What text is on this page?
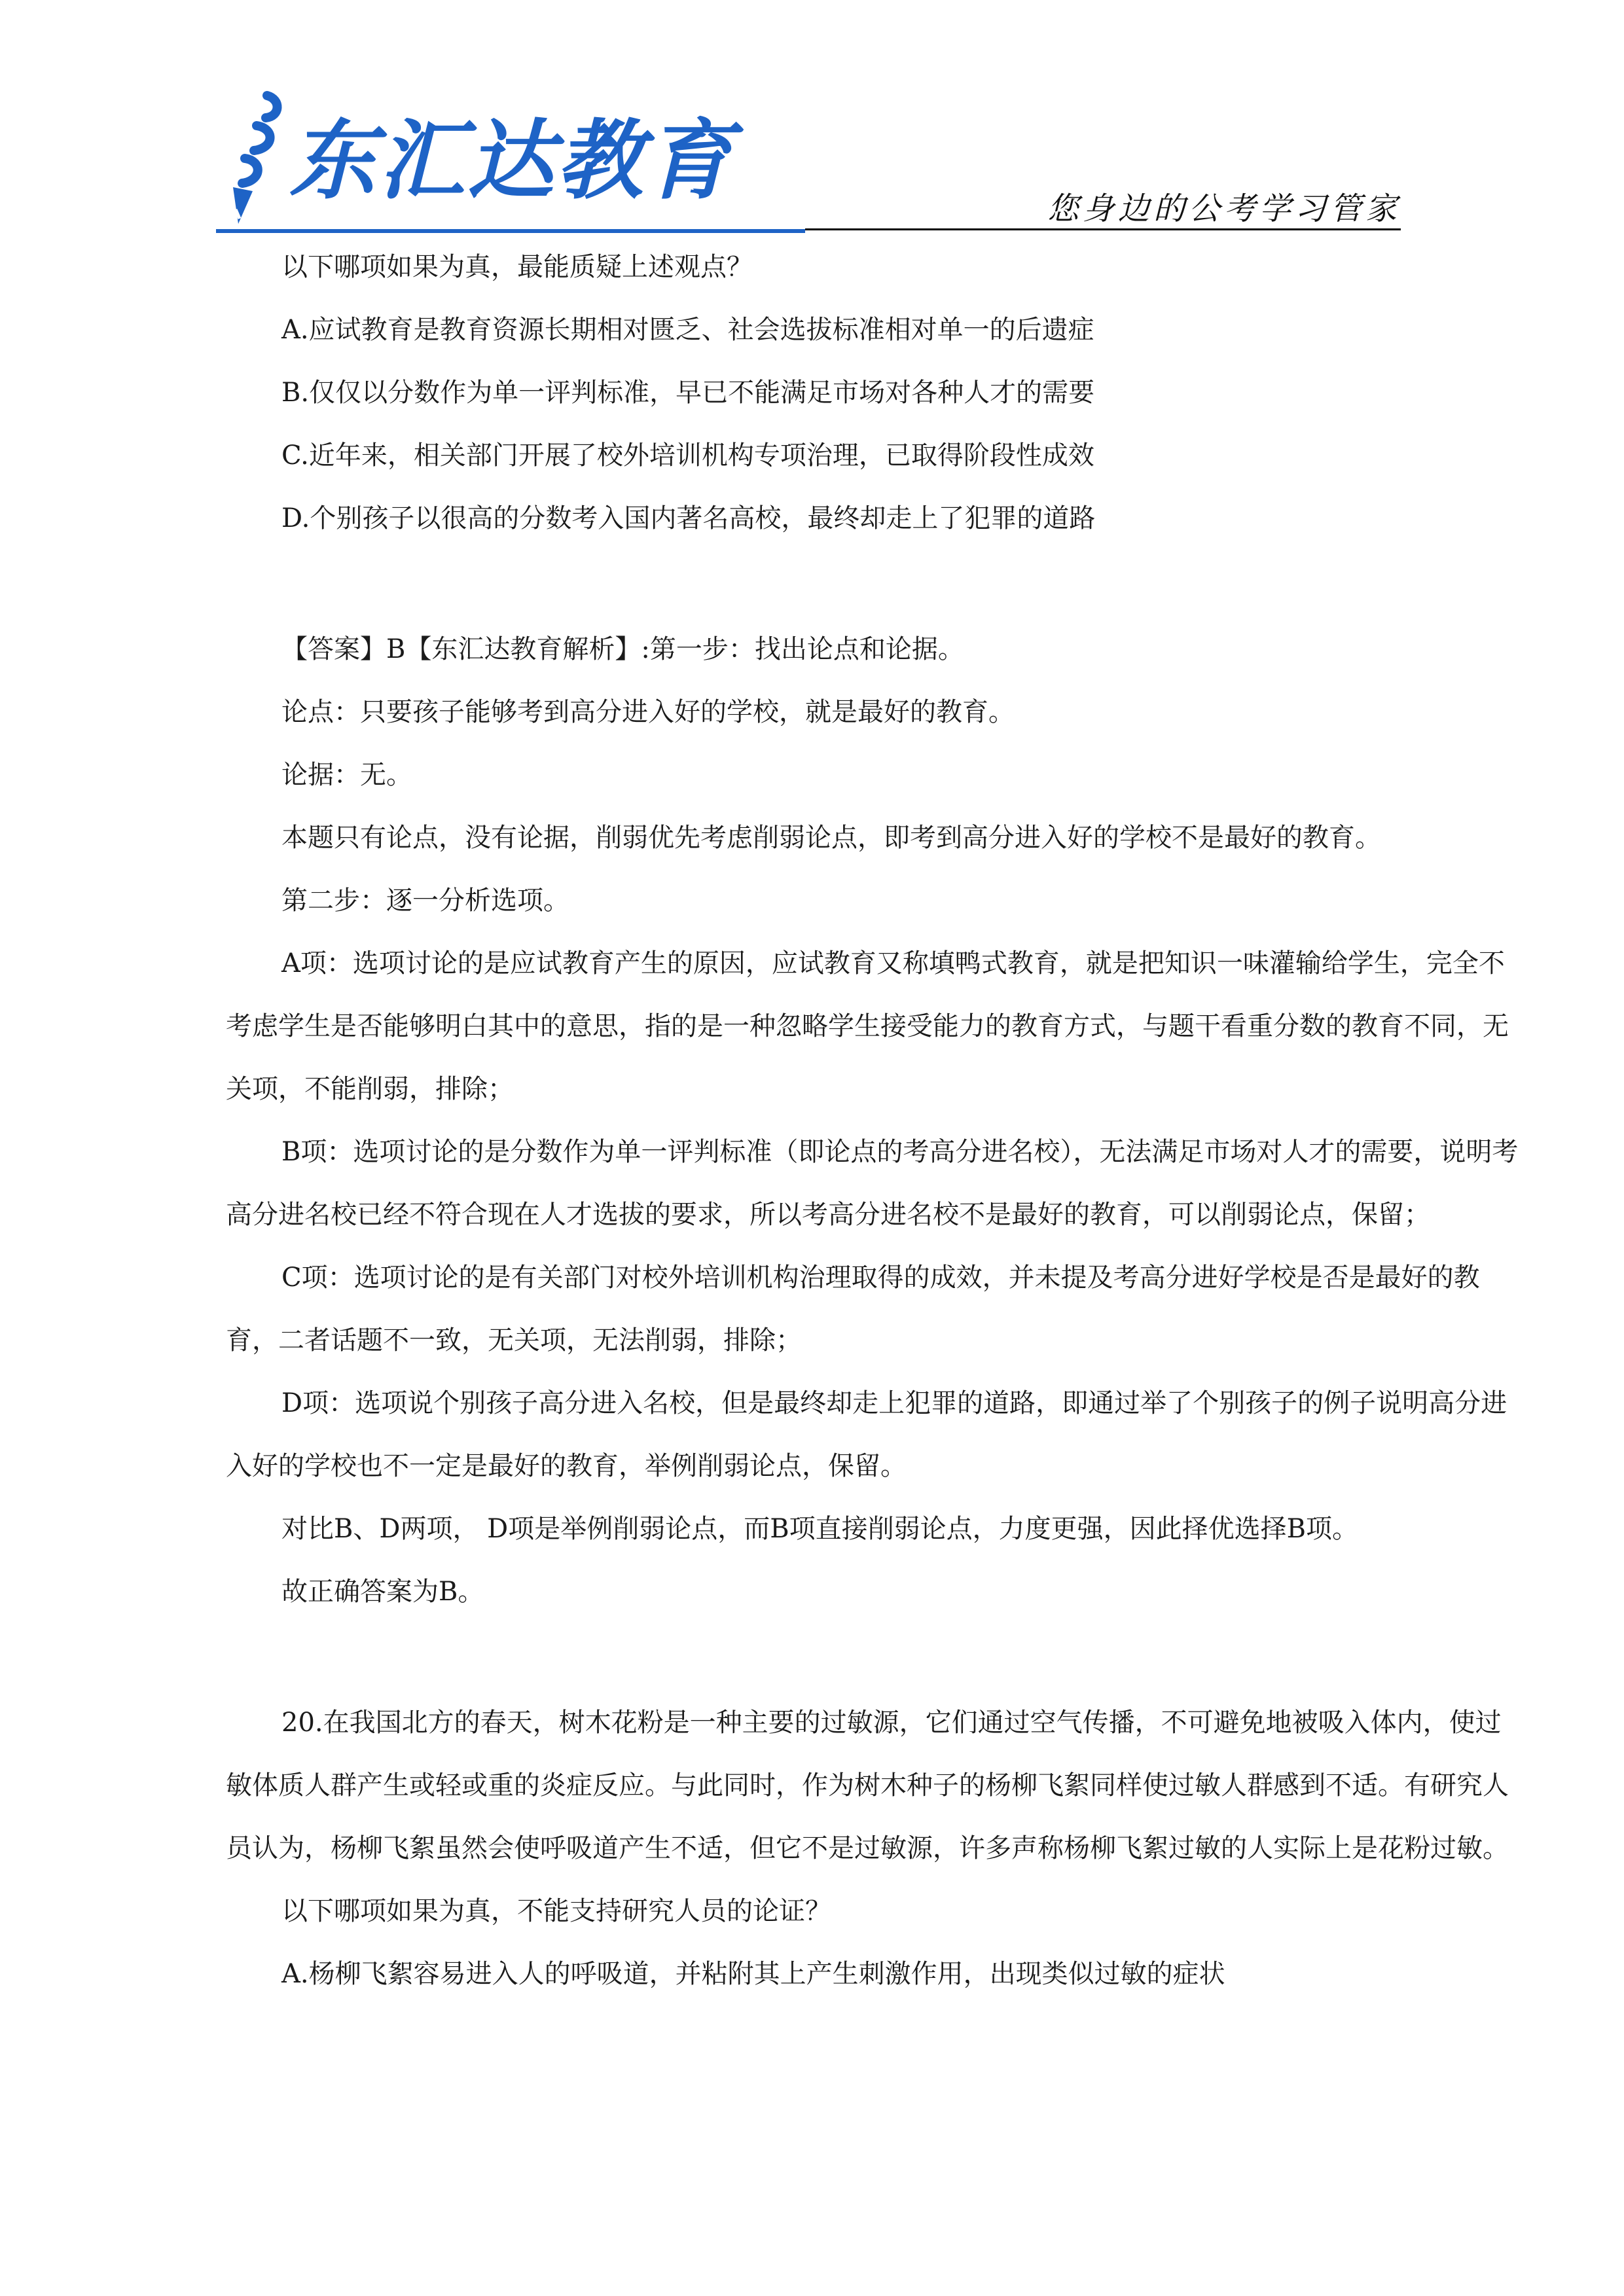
东汇达教育	您身边的公考学习管家

以下哪项如果为真，最能质疑上述观点？

A.应试教育是教育资源长期相对匮乏、社会选拔标准相对单一的后遗症

B.仅仅以分数作为单一评判标准，早已不能满足市场对各种人才的需要

C.近年来，相关部门开展了校外培训机构专项治理，已取得阶段性成效

D.个别孩子以很高的分数考入国内著名高校，最终却走上了犯罪的道路

【答案】B【东汇达教育解析】:第一步：找出论点和论据。

论点：只要孩子能够考到高分进入好的学校，就是最好的教育。

论据：无。

本题只有论点，没有论据，削弱优先考虑削弱论点，即考到高分进入好的学校不是最好的教育。

第二步：逐一分析选项。

A项：选项讨论的是应试教育产生的原因，应试教育又称填鸭式教育，就是把知识一味灌输给学生，完全不考虑学生是否能够明白其中的意思，指的是一种忽略学生接受能力的教育方式，与题干看重分数的教育不同，无关项，不能削弱，排除；

B项：选项讨论的是分数作为单一评判标准（即论点的考高分进名校），无法满足市场对人才的需要，说明考高分进名校已经不符合现在人才选拔的要求，所以考高分进名校不是最好的教育，可以削弱论点，保留；

C项：选项讨论的是有关部门对校外培训机构治理取得的成效，并未提及考高分进好学校是否是最好的教育，二者话题不一致，无关项，无法削弱，排除；

D项：选项说个别孩子高分进入名校，但是最终却走上犯罪的道路，即通过举了个别孩子的例子说明高分进入好的学校也不一定是最好的教育，举例削弱论点，保留。

对比B、D两项， D项是举例削弱论点，而B项直接削弱论点，力度更强，因此择优选择B项。

故正确答案为B。

20.在我国北方的春天，树木花粉是一种主要的过敏源，它们通过空气传播，不可避免地被吸入体内，使过敏体质人群产生或轻或重的炎症反应。与此同时，作为树木种子的杨柳飞絮同样使过敏人群感到不适。有研究人员认为，杨柳飞絮虽然会使呼吸道产生不适，但它不是过敏源，许多声称杨柳飞絮过敏的人实际上是花粉过敏。

以下哪项如果为真，不能支持研究人员的论证？

A.杨柳飞絮容易进入人的呼吸道，并粘附其上产生刺激作用，出现类似过敏的症状
